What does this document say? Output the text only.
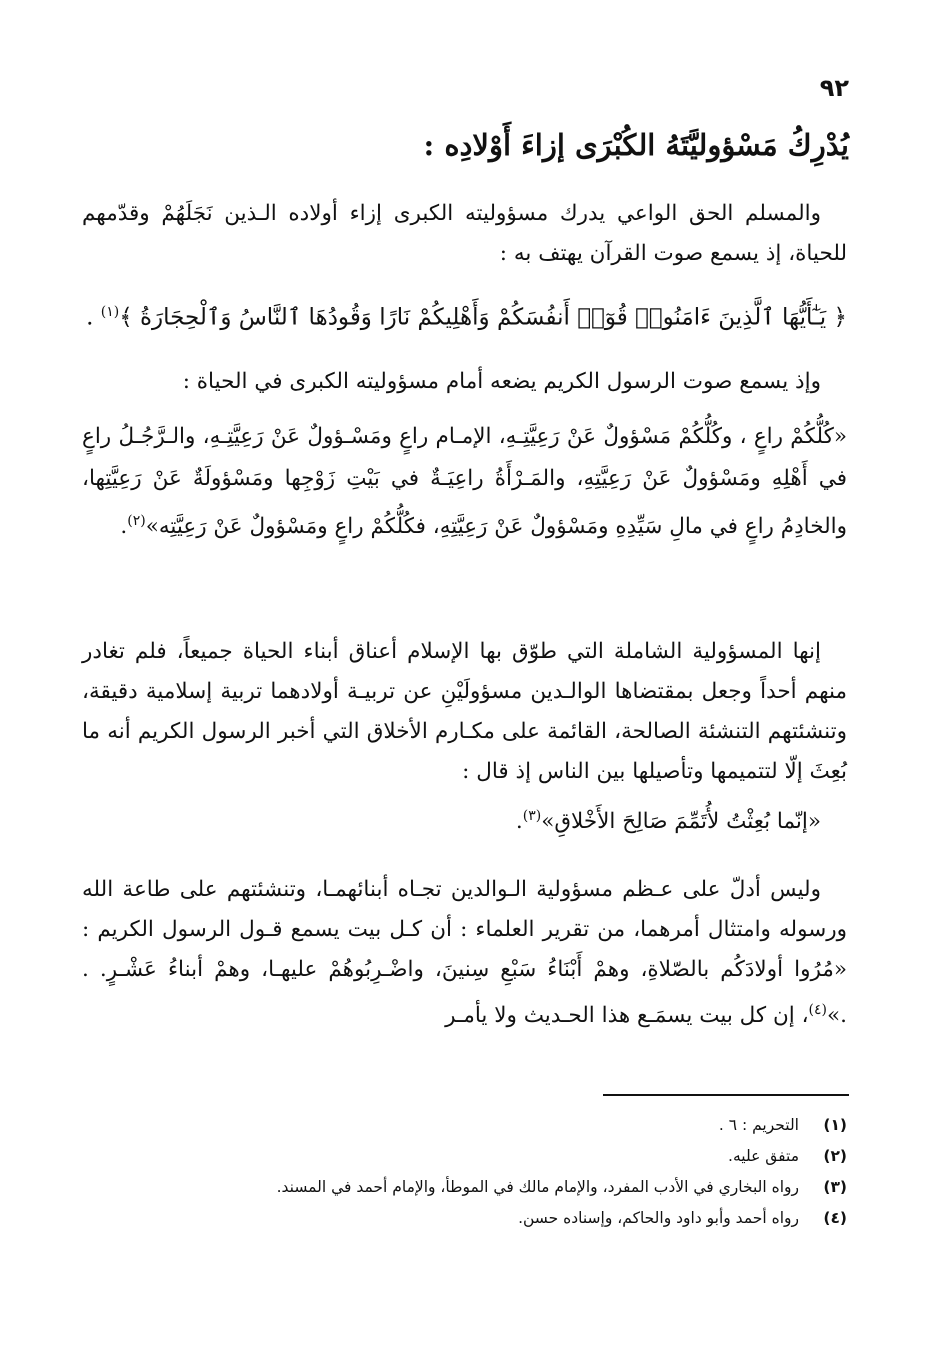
٩٢
يُدْرِكُ مَسْؤوليَّتَهُ الكُبْرَى إزاءَ أَوْلادِه :

والمسلم الحق الواعي يدرك مسؤوليته الكبرى إزاء أولاده الـذين نَجَلَهُمْ وقدّمهم للحياة، إذ يسمع صوت القرآن يهتف به :

﴿ يَـٰٓأَيُّهَا ٱلَّذِينَ ءَامَنُوا۟ قُوٓا۟ أَنفُسَكُمْ وَأَهْلِيكُمْ نَارًا وَقُودُهَا ٱلنَّاسُ وَٱلْحِجَارَةُ ﴾$^{(١)}$ .

وإذ يسمع صوت الرسول الكريم يضعه أمام مسؤوليته الكبرى في الحياة :

«كُلُّكُمْ راعٍ ، وكُلُّكُمْ مَسْؤولٌ عَنْ رَعِيَّتِـهِ، الإمـام راعٍ ومَسْـؤولٌ عَنْ رَعِيَّتِـهِ، والـرَّجُـلُ راعٍ في أَهْلِهِ ومَسْؤولٌ عَنْ رَعِيَّتِهِ، والمَـرْأَةُ راعِيَـةٌ في بَيْتِ زَوْجِها ومَسْؤولَةٌ عَنْ رَعِيَّتِها، والخادِمُ راعٍ في مالِ سَيِّدِهِ ومَسْؤولٌ عَنْ رَعِيَّتِهِ، فكُلُّكُمْ راعٍ ومَسْؤولٌ عَنْ رَعِيَّتِه»$^{(٢)}$.

إنها المسؤولية الشاملة التي طوّق بها الإسلام أعناق أبناء الحياة جميعاً، فلم تغادر منهم أحداً وجعل بمقتضاها الوالـدين مسؤولَيْنِ عن تربيـة أولادهما تربية إسلامية دقيقة، وتنشئتهم التنشئة الصالحة، القائمة على مكـارم الأخلاق التي أخبر الرسول الكريم أنه ما بُعِثَ إلّا لتتميمها وتأصيلها بين الناس إذ قال :

«إنّما بُعِثْتُ لأُتَمِّمَ صَالِحَ الأَخْلاقِ»$^{(٣)}$.

وليس أدلّ على عـظم مسؤولية الـوالدين تجـاه أبنائهمـا، وتنشئتهم على طاعة الله ورسوله وامتثال أمرهما، من تقرير العلماء : أن كـل بيت يسمع قـول الرسول الكريم : «مُرُوا أولادَكُم بالصّلاةِ، وهمْ أَبْنَاءُ سَبْعِ سِنينَ، واضْـرِبُوهُمْ عليهـا، وهمْ أبناءُ عَشْـرٍ. . .»$^{(٤)}$، إن كل بيت يسمَـع هذا الحـديث ولا يأمـر

(١)
التحريم : ٦ .
(٢)
متفق عليه.
(٣)
رواه البخاري في الأدب المفرد، والإمام مالك في الموطأ، والإمام أحمد في المسند.
(٤)
رواه أحمد وأبو داود والحاكم، وإسناده حسن.
